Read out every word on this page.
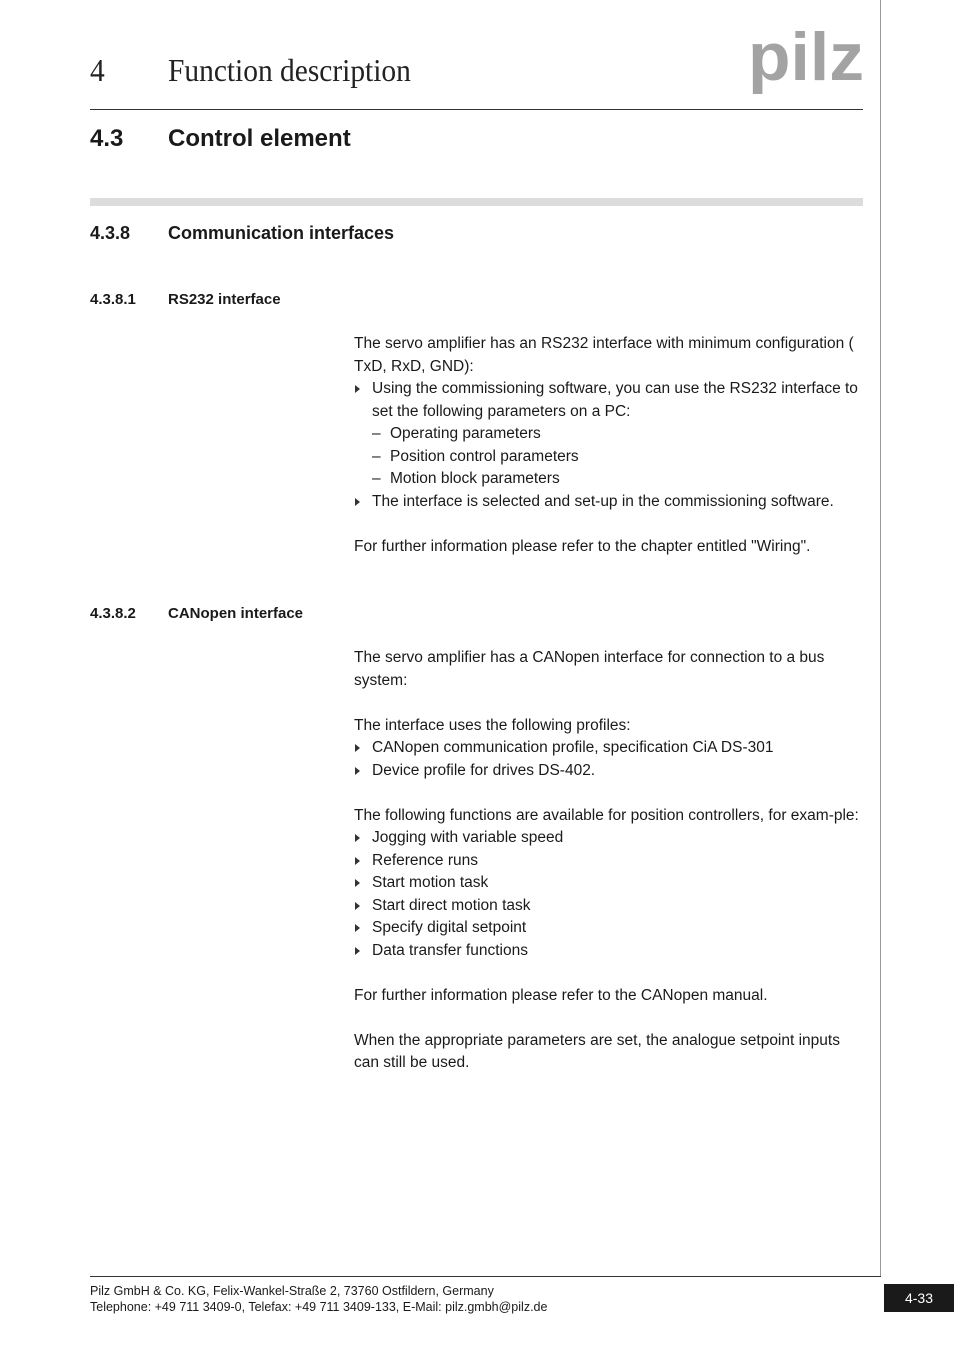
4 Function description	pilz
4.3 Control element
4.3.8 Communication interfaces
4.3.8.1 RS232 interface

The servo amplifier has an RS232 interface with minimum configuration ( TxD, RxD, GND):

Using the commissioning software, you can use the RS232 interface to set the following parameters on a PC:
– Operating parameters
– Position control parameters
– Motion block parameters
The interface is selected and set-up in the commissioning software.

For further information please refer to the chapter entitled "Wiring".

4.3.8.2 CANopen interface

The servo amplifier has a CANopen interface for connection to a bus system:

The interface uses the following profiles:

CANopen communication profile, specification CiA DS-301
Device profile for drives DS-402.

The following functions are available for position controllers, for exam-ple:

Jogging with variable speed
Reference runs
Start motion task
Start direct motion task
Specify digital setpoint
Data transfer functions

For further information please refer to the CANopen manual.

When the appropriate parameters are set, the analogue setpoint inputs can still be used.

Pilz GmbH & Co. KG, Felix-Wankel-Straße 2, 73760 Ostfildern, Germany
Telephone: +49 711 3409-0, Telefax: +49 711 3409-133, E-Mail: pilz.gmbh@pilz.de
4-33
